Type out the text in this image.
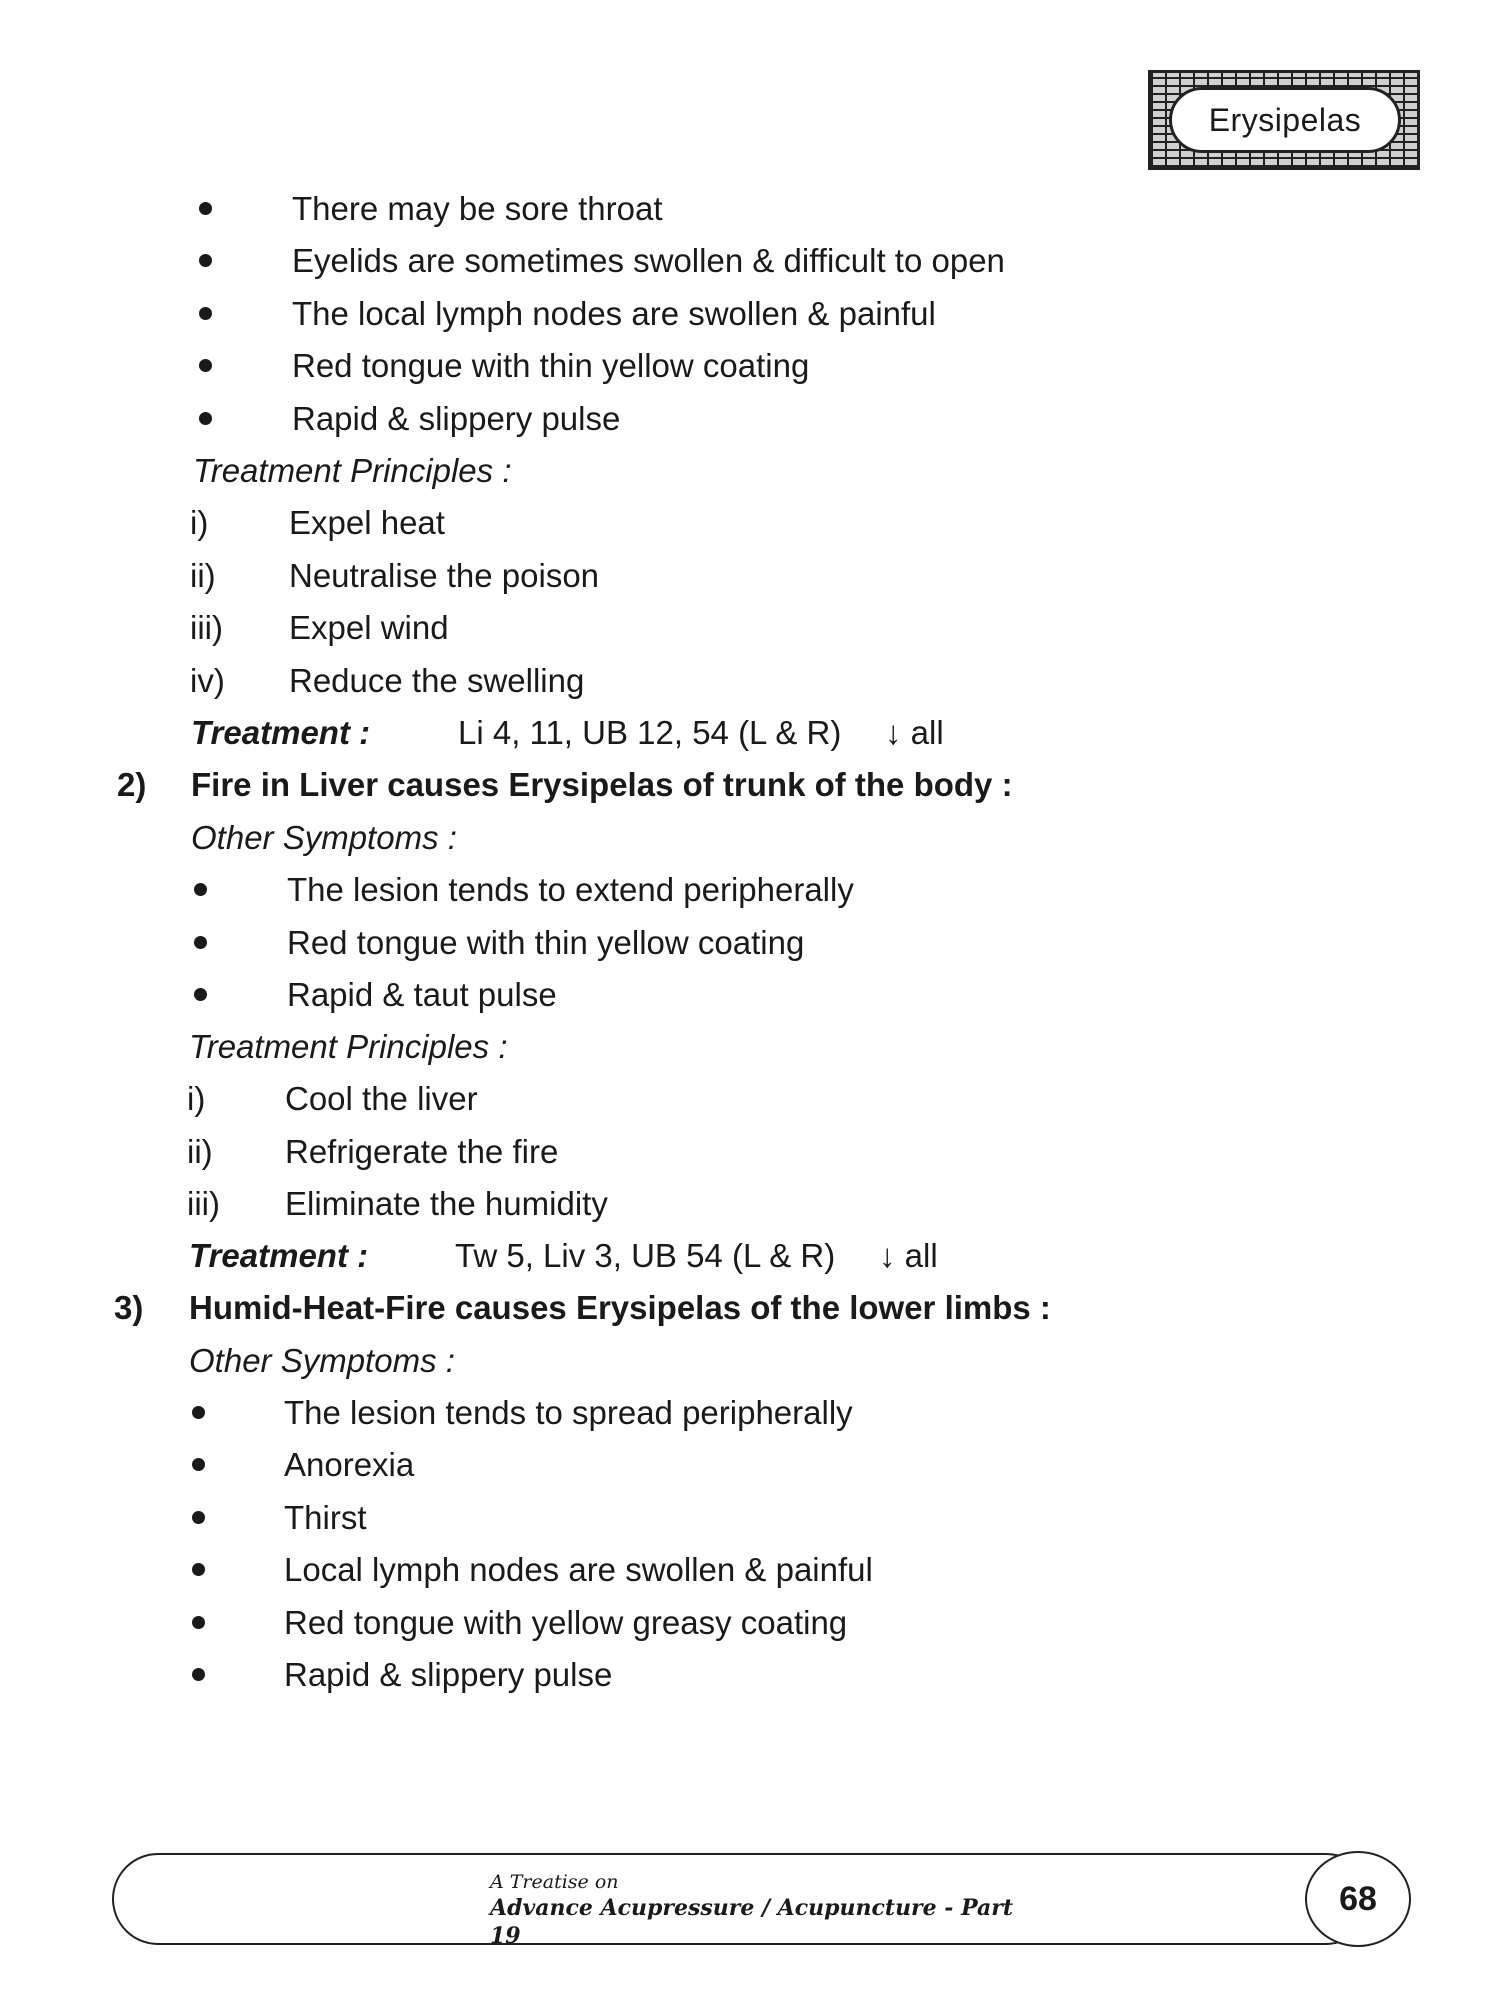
Erysipelas
There may be sore throat
Eyelids are sometimes swollen & difficult to open
The local lymph nodes are swollen & painful
Red tongue with thin yellow coating
Rapid & slippery pulse
Treatment Principles :
i) Expel heat
ii) Neutralise the poison
iii) Expel wind
iv) Reduce the swelling
Treatment :	Li 4, 11, UB 12, 54 (L & R) ↓ all
2) Fire in Liver causes Erysipelas of trunk of the body :
Other Symptoms :
The lesion tends to extend peripherally
Red tongue with thin yellow coating
Rapid & taut pulse
Treatment Principles :
i) Cool the liver
ii) Refrigerate the fire
iii) Eliminate the humidity
Treatment :	Tw 5, Liv 3, UB 54 (L & R) ↓ all
3) Humid-Heat-Fire causes Erysipelas of the lower limbs :
Other Symptoms :
The lesion tends to spread peripherally
Anorexia
Thirst
Local lymph nodes are swollen & painful
Red tongue with yellow greasy coating
Rapid & slippery pulse
A Treatise on
Advance Acupressure / Acupuncture - Part 19
68
